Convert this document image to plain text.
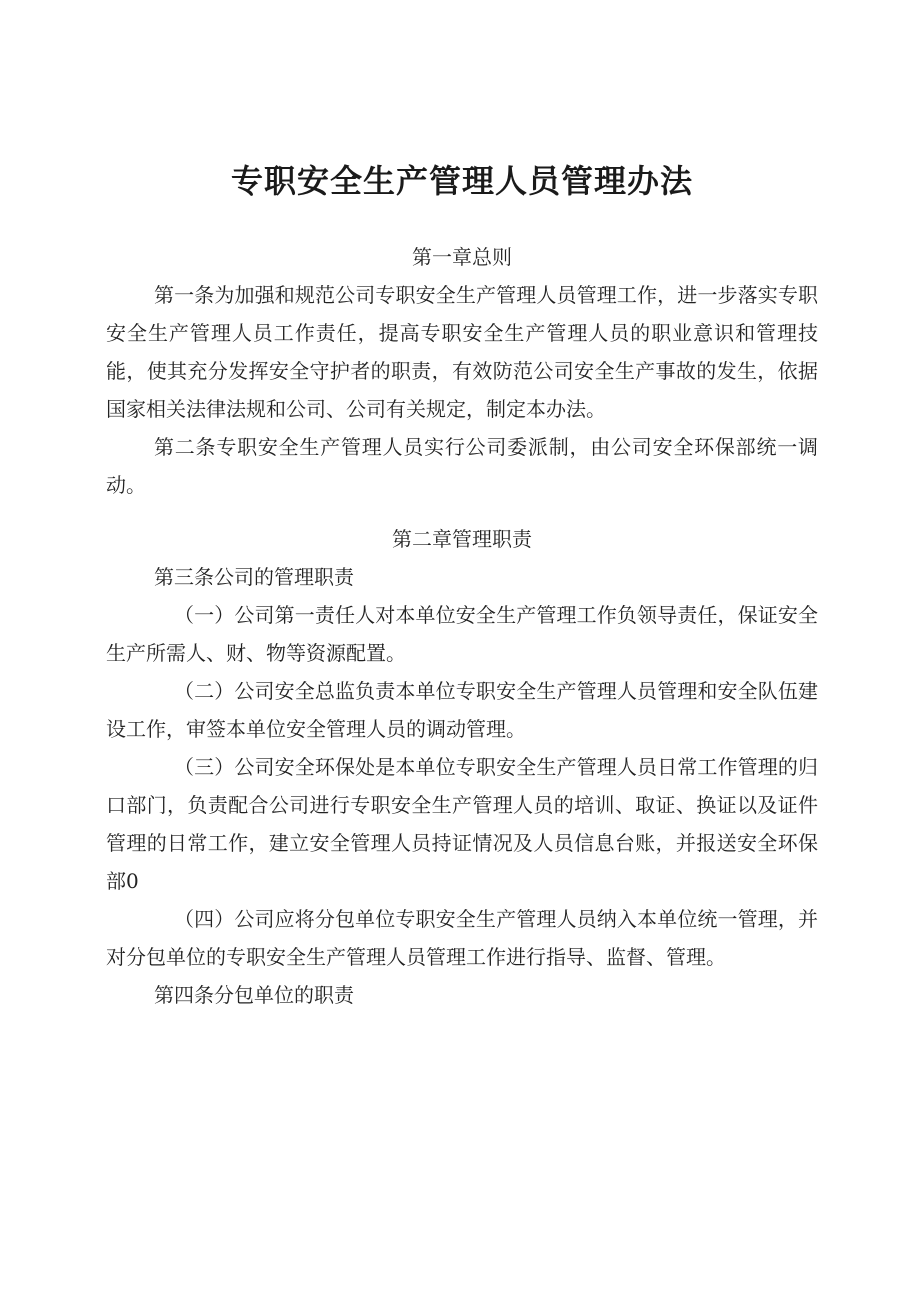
专职安全生产管理人员管理办法
第一章总则

第一条为加强和规范公司专职安全生产管理人员管理工作，进一步落实专职安全生产管理人员工作责任，提高专职安全生产管理人员的职业意识和管理技能，使其充分发挥安全守护者的职责，有效防范公司安全生产事故的发生，依据国家相关法律法规和公司、公司有关规定，制定本办法。

第二条专职安全生产管理人员实行公司委派制，由公司安全环保部统一调动。

第二章管理职责

第三条公司的管理职责

（一）公司第一责任人对本单位安全生产管理工作负领导责任，保证安全生产所需人、财、物等资源配置。

（二）公司安全总监负责本单位专职安全生产管理人员管理和安全队伍建设工作，审签本单位安全管理人员的调动管理。

（三）公司安全环保处是本单位专职安全生产管理人员日常工作管理的归口部门，负责配合公司进行专职安全生产管理人员的培训、取证、换证以及证件管理的日常工作，建立安全管理人员持证情况及人员信息台账，并报送安全环保部0

（四）公司应将分包单位专职安全生产管理人员纳入本单位统一管理，并对分包单位的专职安全生产管理人员管理工作进行指导、监督、管理。

第四条分包单位的职责
